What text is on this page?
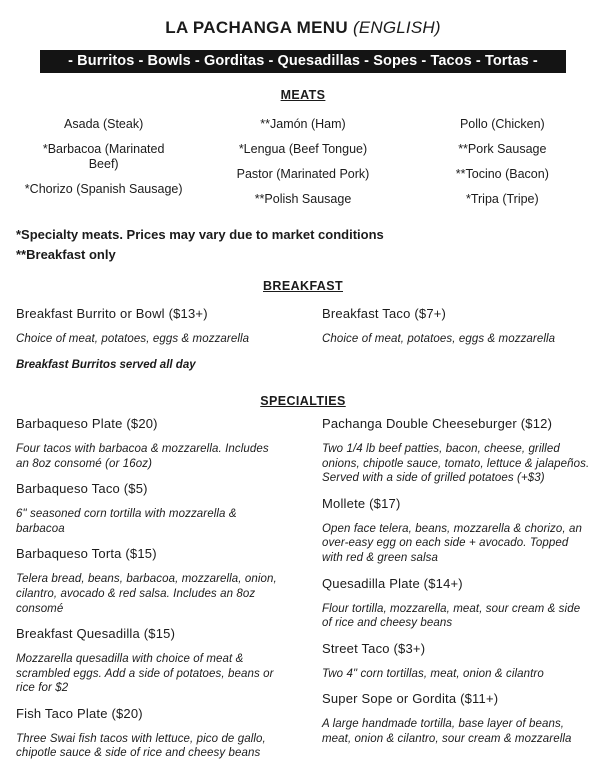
LA PACHANGA MENU (ENGLISH)
- Burritos - Bowls - Gorditas - Quesadillas - Sopes - Tacos - Tortas -
MEATS
Asada (Steak)
*Barbacoa (Marinated Beef)
*Chorizo (Spanish Sausage)
**Jamón (Ham)
*Lengua (Beef Tongue)
Pastor (Marinated Pork)
**Polish Sausage
Pollo (Chicken)
**Pork Sausage
**Tocino (Bacon)
*Tripa (Tripe)
*Specialty meats. Prices may vary due to market conditions
**Breakfast only
BREAKFAST
Breakfast Burrito or Bowl ($13+)
Choice of meat, potatoes, eggs & mozzarella
Breakfast Burritos served all day
Breakfast Taco ($7+)
Choice of meat, potatoes, eggs & mozzarella
SPECIALTIES
Barbaqueso Plate ($20)
Four tacos with barbacoa & mozzarella. Includes an 8oz consomé (or 16oz)
Barbaqueso Taco ($5)
6" seasoned corn tortilla with mozzarella & barbacoa
Barbaqueso Torta ($15)
Telera bread, beans, barbacoa, mozzarella, onion, cilantro, avocado & red salsa. Includes an 8oz consomé
Breakfast Quesadilla ($15)
Mozzarella quesadilla with choice of meat & scrambled eggs. Add a side of potatoes, beans or rice for $2
Fish Taco Plate ($20)
Three Swai fish tacos with lettuce, pico de gallo, chipotle sauce & side of rice and cheesy beans
Pachanga Double Cheeseburger ($12)
Two 1/4 lb beef patties, bacon, cheese, grilled onions, chipotle sauce, tomato, lettuce & jalapeños. Served with a side of grilled potatoes (+$3)
Mollete ($17)
Open face telera, beans, mozzarella & chorizo, an over-easy egg on each side + avocado. Topped with red & green salsa
Quesadilla Plate ($14+)
Flour tortilla, mozzarella, meat, sour cream & side of rice and cheesy beans
Street Taco ($3+)
Two 4" corn tortillas, meat, onion & cilantro
Super Sope or Gordita ($11+)
A large handmade tortilla, base layer of beans, meat, onion & cilantro, sour cream & mozzarella
